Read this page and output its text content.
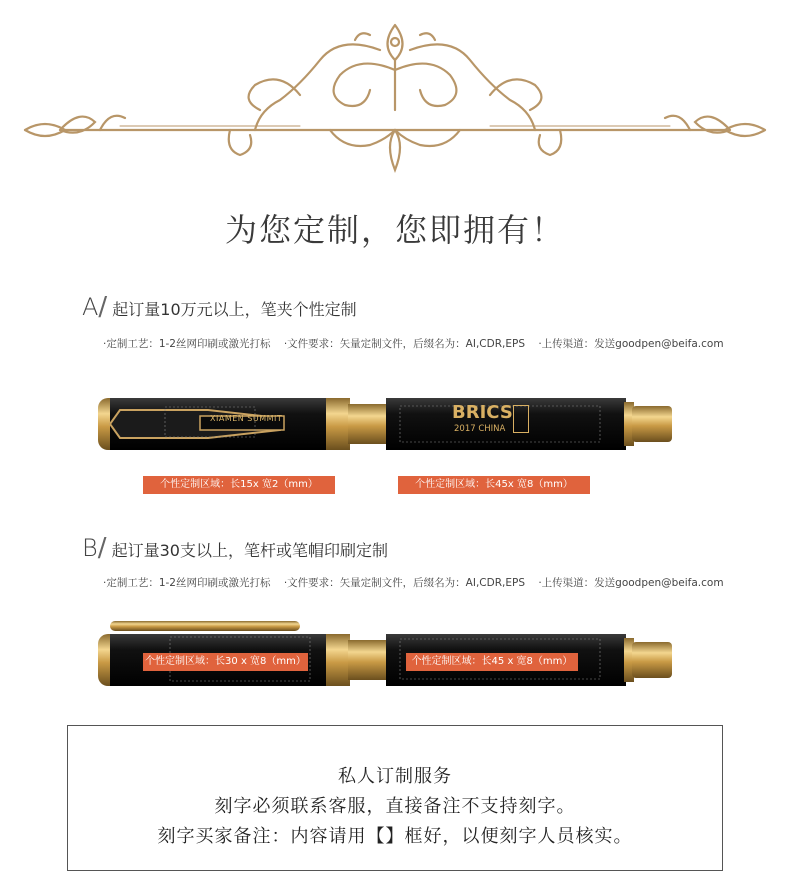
为您定制，您即拥有！
A/ 起订量10万元以上，笔夹个性定制
·定制工艺：1-2丝网印刷或激光打标 ·文件要求：矢量定制文件，后缀名为：AI,CDR,EPS ·上传渠道：发送goodpen@beifa.com
XIAMEN SUMMIT	BRICS
2017 CHINA
个性定制区域：长15x 宽2（mm）	个性定制区域：长45x 宽8（mm）
B/ 起订量30支以上，笔杆或笔帽印刷定制
·定制工艺：1-2丝网印刷或激光打标 ·文件要求：矢量定制文件，后缀名为：AI,CDR,EPS ·上传渠道：发送goodpen@beifa.com
个性定制区域：长30 x 宽8（mm）	个性定制区域：长45 x 宽8（mm）
私人订制服务
刻字必须联系客服，直接备注不支持刻字。
刻字买家备注：内容请用【】框好，以便刻字人员核实。
